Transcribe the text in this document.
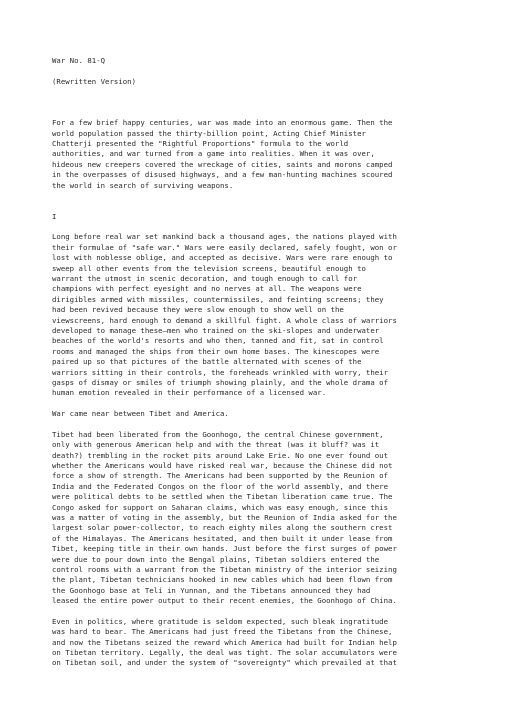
War No. 81-Q
(Rewritten Version)
For a few brief happy centuries, war was made into an enormous game. Then the
world population passed the thirty-billion point, Acting Chief Minister
Chatterji presented the "Rightful Proportions" formula to the world
authorities, and war turned from a game into realities. When it was over,
hideous new creepers covered the wreckage of cities, saints and morons camped
in the overpasses of disused highways, and a few man-hunting machines scoured
the world in search of surviving weapons.
I
Long before real war set mankind back a thousand ages, the nations played with
their formulae of "safe war." Wars were easily declared, safely fought, won or
lost with noblesse oblige, and accepted as decisive. Wars were rare enough to
sweep all other events from the television screens, beautiful enough to
warrant the utmost in scenic decoration, and tough enough to call for
champions with perfect eyesight and no nerves at all. The weapons were
dirigibles armed with missiles, countermissiles, and feinting screens; they
had been revived because they were slow enough to show well on the
viewscreens, hard enough to demand a skillful fight. A whole class of warriors
developed to manage these—men who trained on the ski-slopes and underwater
beaches of the world's resorts and who then, tanned and fit, sat in control
rooms and managed the ships from their own home bases. The kinescopes were
paired up so that pictures of the battle alternated with scenes of the
warriors sitting in their controls, the foreheads wrinkled with worry, their
gasps of dismay or smiles of triumph showing plainly, and the whole drama of
human emotion revealed in their performance of a licensed war.
War came near between Tibet and America.
Tibet had been liberated from the Goonhogo, the central Chinese government,
only with generous American help and with the threat (was it bluff? was it
death?) trembling in the rocket pits around Lake Erie. No one ever found out
whether the Americans would have risked real war, because the Chinese did not
force a show of strength. The Americans had been supported by the Reunion of
India and the Federated Congos on the floor of the world assembly, and there
were political debts to be settled when the Tibetan liberation came true. The
Congo asked for support on Saharan claims, which was easy enough, since this
was a matter of voting in the assembly, but the Reunion of India asked for the
largest solar power-collector, to reach eighty miles along the southern crest
of the Himalayas. The Americans hesitated, and then built it under lease from
Tibet, keeping title in their own hands. Just before the first surges of power
were due to pour down into the Bengal plains, Tibetan soldiers entered the
control rooms with a warrant from the Tibetan ministry of the interior seizing
the plant, Tibetan technicians hooked in new cables which had been flown from
the Goonhogo base at Teli in Yunnan, and the Tibetans announced they had
leased the entire power output to their recent enemies, the Goonhogo of China.
Even in politics, where gratitude is seldom expected, such bleak ingratitude
was hard to bear. The Americans had just freed the Tibetans from the Chinese,
and now the Tibetans seized the reward which America had built for Indian help
on Tibetan territory. Legally, the deal was tight. The solar accumulators were
on Tibetan soil, and under the system of "sovereignty" which prevailed at that
